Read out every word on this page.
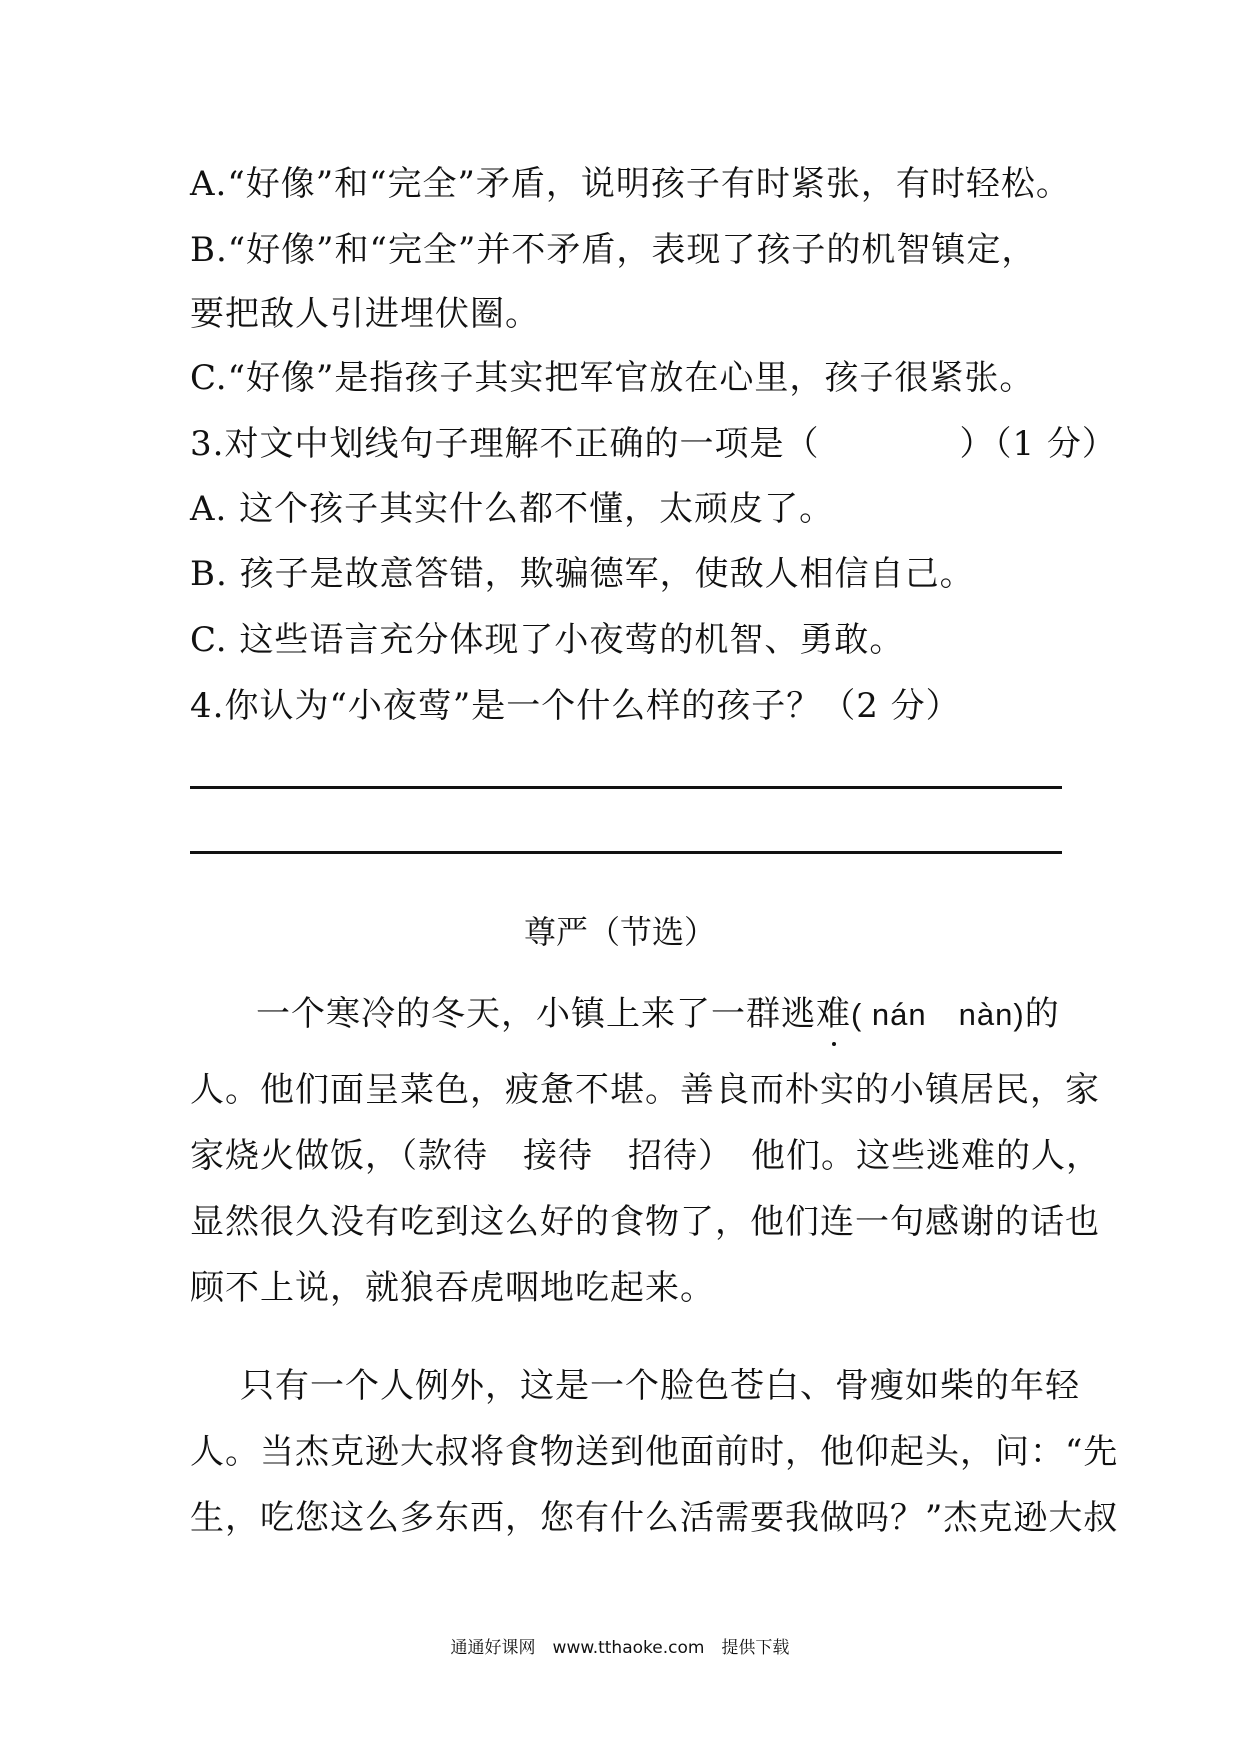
A.“好像”和“完全”矛盾，说明孩子有时紧张，有时轻松。
B.“好像”和“完全”并不矛盾，表现了孩子的机智镇定，
要把敌人引进埋伏圈。
C.“好像”是指孩子其实把军官放在心里，孩子很紧张。
3.对文中划线句子理解不正确的一项是（　　　　）（1 分）
A. 这个孩子其实什么都不懂，太顽皮了。
B. 孩子是故意答错，欺骗德军，使敌人相信自己。
C. 这些语言充分体现了小夜莺的机智、勇敢。
4.你认为“小夜莺”是一个什么样的孩子？（2 分）
尊严（节选）
一个寒冷的冬天，小镇上来了一群逃难( nán　nàn)的
人。他们面呈菜色，疲惫不堪。善良而朴实的小镇居民，家
家烧火做饭，（款待　接待　招待）　他们。这些逃难的人，
显然很久没有吃到这么好的食物了，他们连一句感谢的话也
顾不上说，就狼吞虎咽地吃起来。
只有一个人例外，这是一个脸色苍白、骨瘦如柴的年轻
人。当杰克逊大叔将食物送到他面前时，他仰起头，问：“先
生，吃您这么多东西，您有什么活需要我做吗？”杰克逊大叔
通通好课网　www.tthaoke.com　提供下载
